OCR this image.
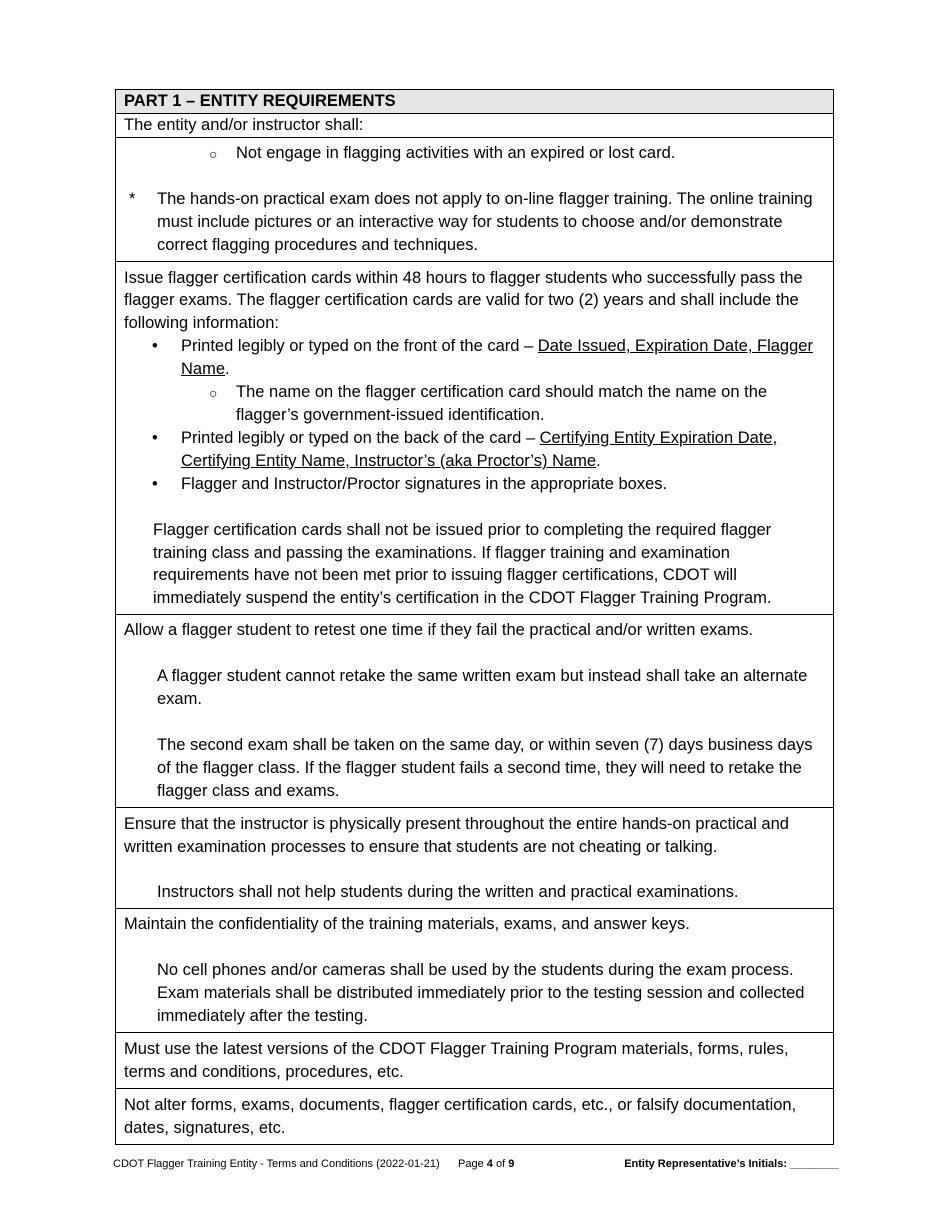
PART 1 – ENTITY REQUIREMENTS

The entity and/or instructor shall:

○ Not engage in flagging activities with an expired or lost card.
* The hands-on practical exam does not apply to on-line flagger training. The online training must include pictures or an interactive way for students to choose and/or demonstrate correct flagging procedures and techniques.

Issue flagger certification cards within 48 hours to flagger students who successfully pass the flagger exams. The flagger certification cards are valid for two (2) years and shall include the following information:

• Printed legibly or typed on the front of the card – Date Issued, Expiration Date, Flagger Name.
○ The name on the flagger certification card should match the name on the flagger’s government-issued identification.
• Printed legibly or typed on the back of the card – Certifying Entity Expiration Date, Certifying Entity Name, Instructor’s (aka Proctor’s) Name.
• Flagger and Instructor/Proctor signatures in the appropriate boxes.

Flagger certification cards shall not be issued prior to completing the required flagger training class and passing the examinations. If flagger training and examination requirements have not been met prior to issuing flagger certifications, CDOT will immediately suspend the entity’s certification in the CDOT Flagger Training Program.

Allow a flagger student to retest one time if they fail the practical and/or written exams.

A flagger student cannot retake the same written exam but instead shall take an alternate exam.

The second exam shall be taken on the same day, or within seven (7) days business days of the flagger class. If the flagger student fails a second time, they will need to retake the flagger class and exams.

Ensure that the instructor is physically present throughout the entire hands-on practical and written examination processes to ensure that students are not cheating or talking.

Instructors shall not help students during the written and practical examinations.

Maintain the confidentiality of the training materials, exams, and answer keys.

No cell phones and/or cameras shall be used by the students during the exam process. Exam materials shall be distributed immediately prior to the testing session and collected immediately after the testing.

Must use the latest versions of the CDOT Flagger Training Program materials, forms, rules, terms and conditions, procedures, etc.

Not alter forms, exams, documents, flagger certification cards, etc., or falsify documentation, dates, signatures, etc.

CDOT Flagger Training Entity - Terms and Conditions (2022-01-21) Page 4 of 9	Entity Representative’s Initials: ________
